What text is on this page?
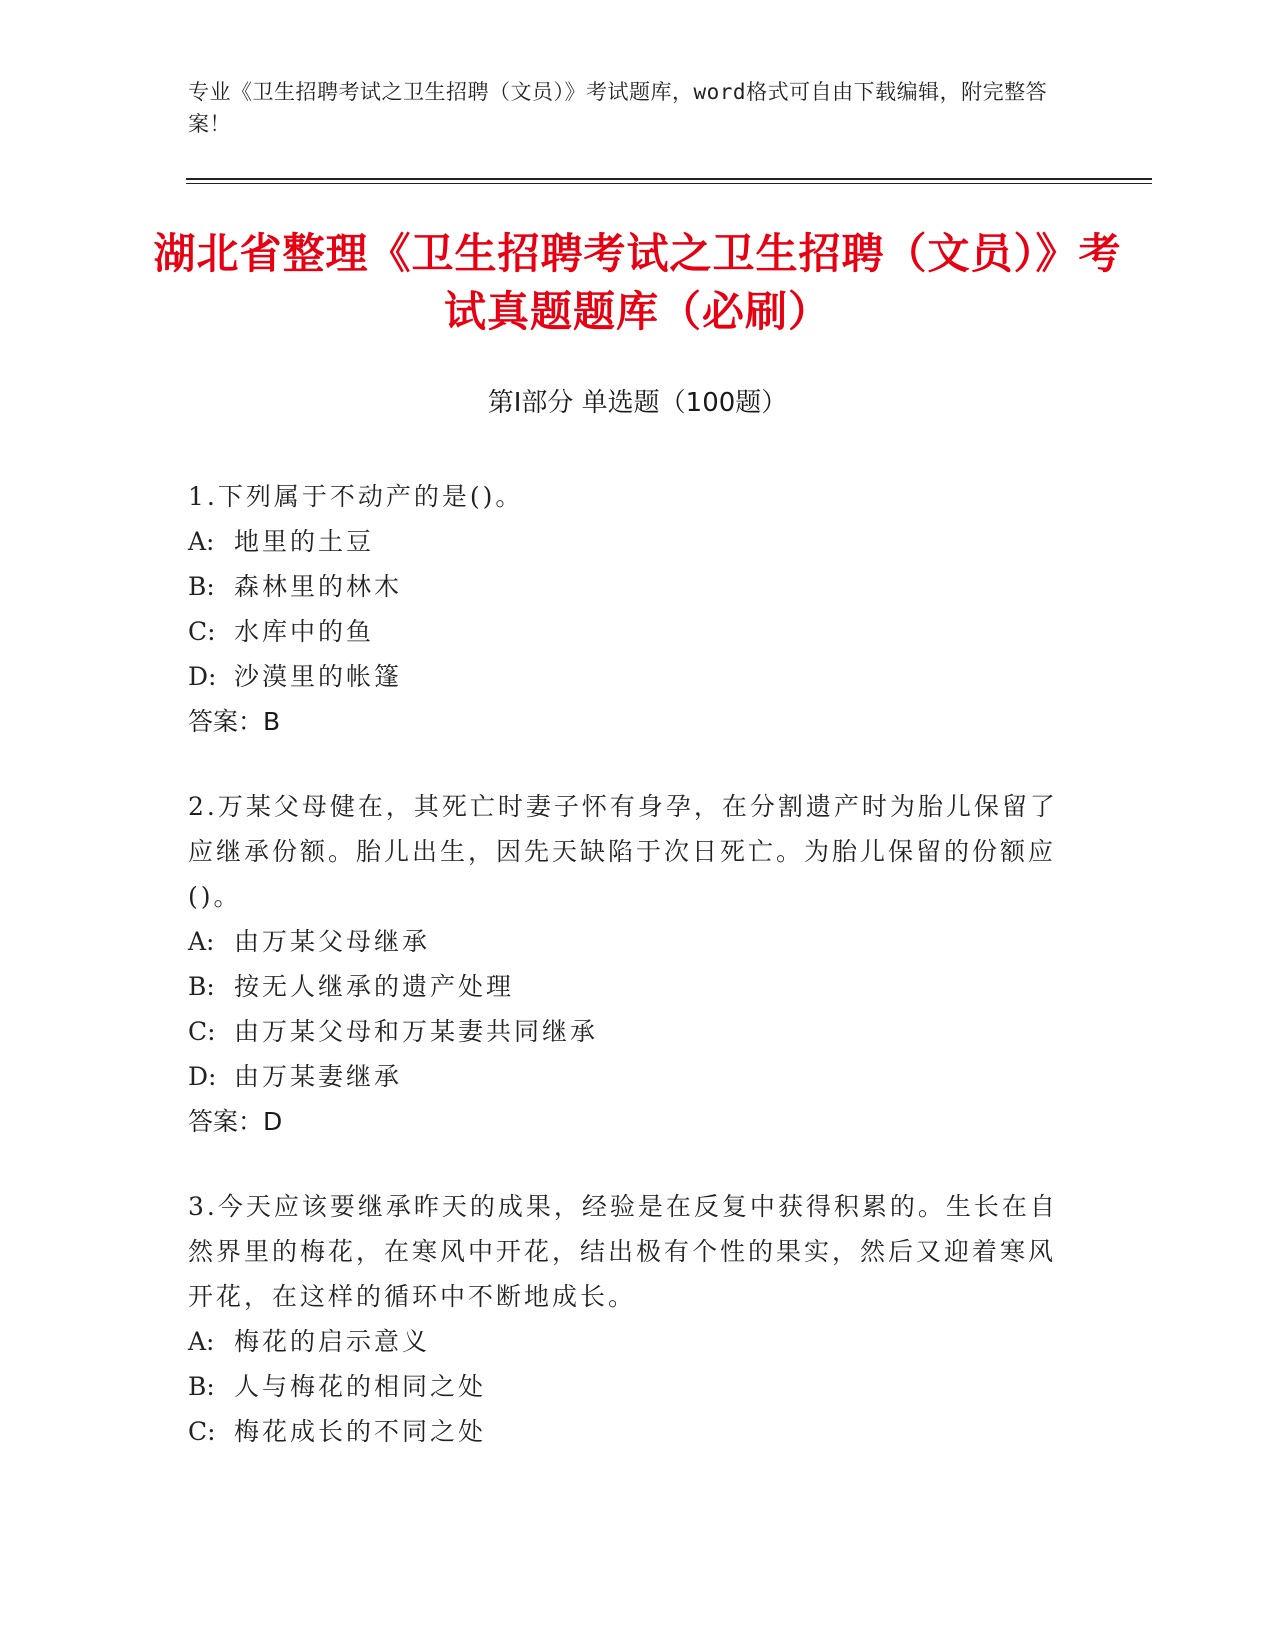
专业《卫生招聘考试之卫生招聘（文员）》考试题库，word格式可自由下载编辑，附完整答案！
湖北省整理《卫生招聘考试之卫生招聘（文员）》考试真题题库（必刷）
第Ⅰ部分 单选题（100题）
1.下列属于不动产的是()。
A: 地里的土豆
B: 森林里的林木
C: 水库中的鱼
D: 沙漠里的帐篷
答案：B
2.万某父母健在，其死亡时妻子怀有身孕，在分割遗产时为胎儿保留了应继承份额。胎儿出生，因先天缺陷于次日死亡。为胎儿保留的份额应()。
A: 由万某父母继承
B: 按无人继承的遗产处理
C: 由万某父母和万某妻共同继承
D: 由万某妻继承
答案：D
3.今天应该要继承昨天的成果，经验是在反复中获得积累的。生长在自然界里的梅花，在寒风中开花，结出极有个性的果实，然后又迎着寒风开花，在这样的循环中不断地成长。
A: 梅花的启示意义
B: 人与梅花的相同之处
C: 梅花成长的不同之处
